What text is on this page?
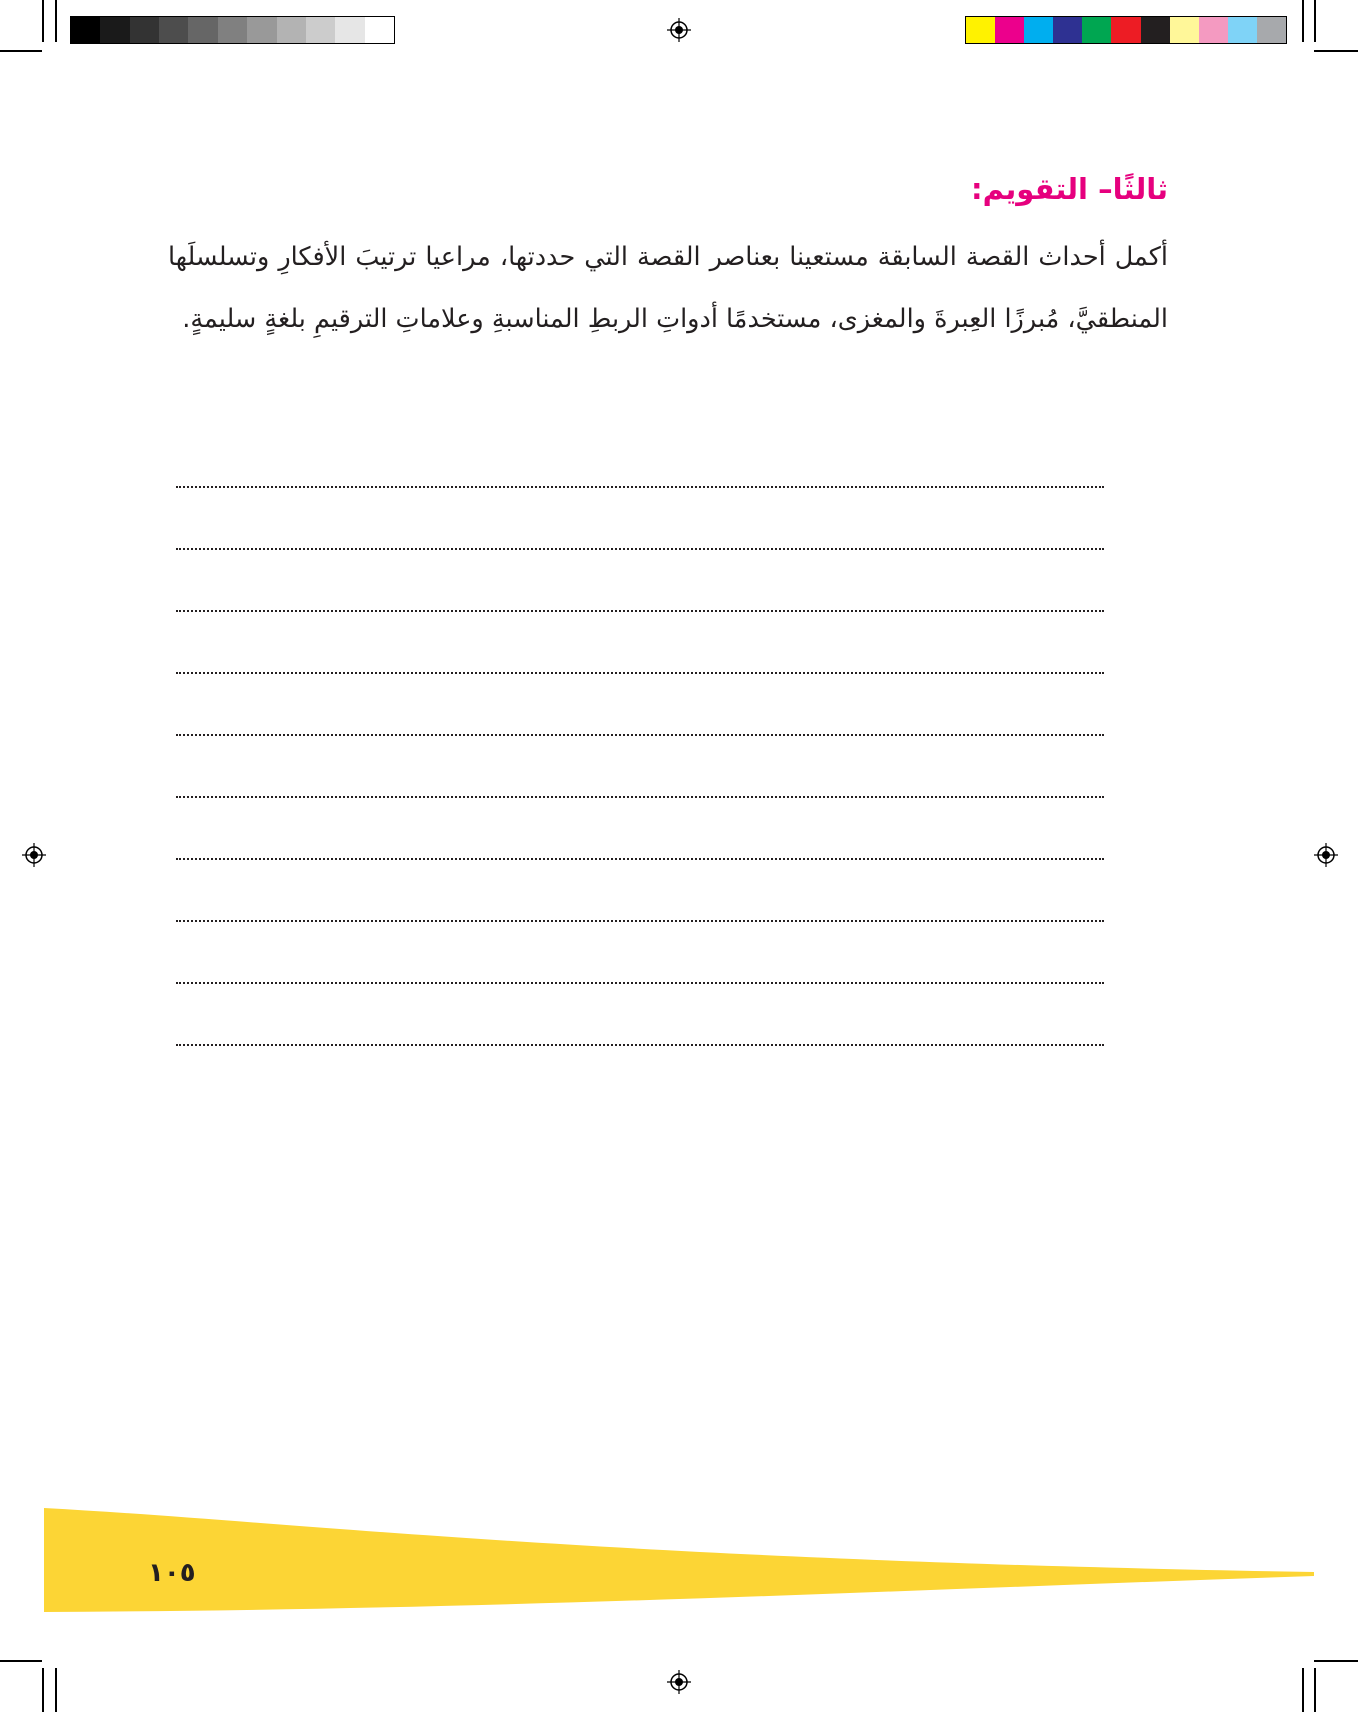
ثالثًا– التقويم:

أكمل أحداث القصة السابقة مستعينا بعناصر القصة التي حددتها، مراعيا ترتيبَ الأفكارِ وتسلسلَها المنطقيَّ، مُبرزًا العِبرةَ والمغزى، مستخدمًا أدواتِ الربطِ المناسبةِ وعلاماتِ الترقيمِ بلغةٍ سليمةٍ.

١٠٥
